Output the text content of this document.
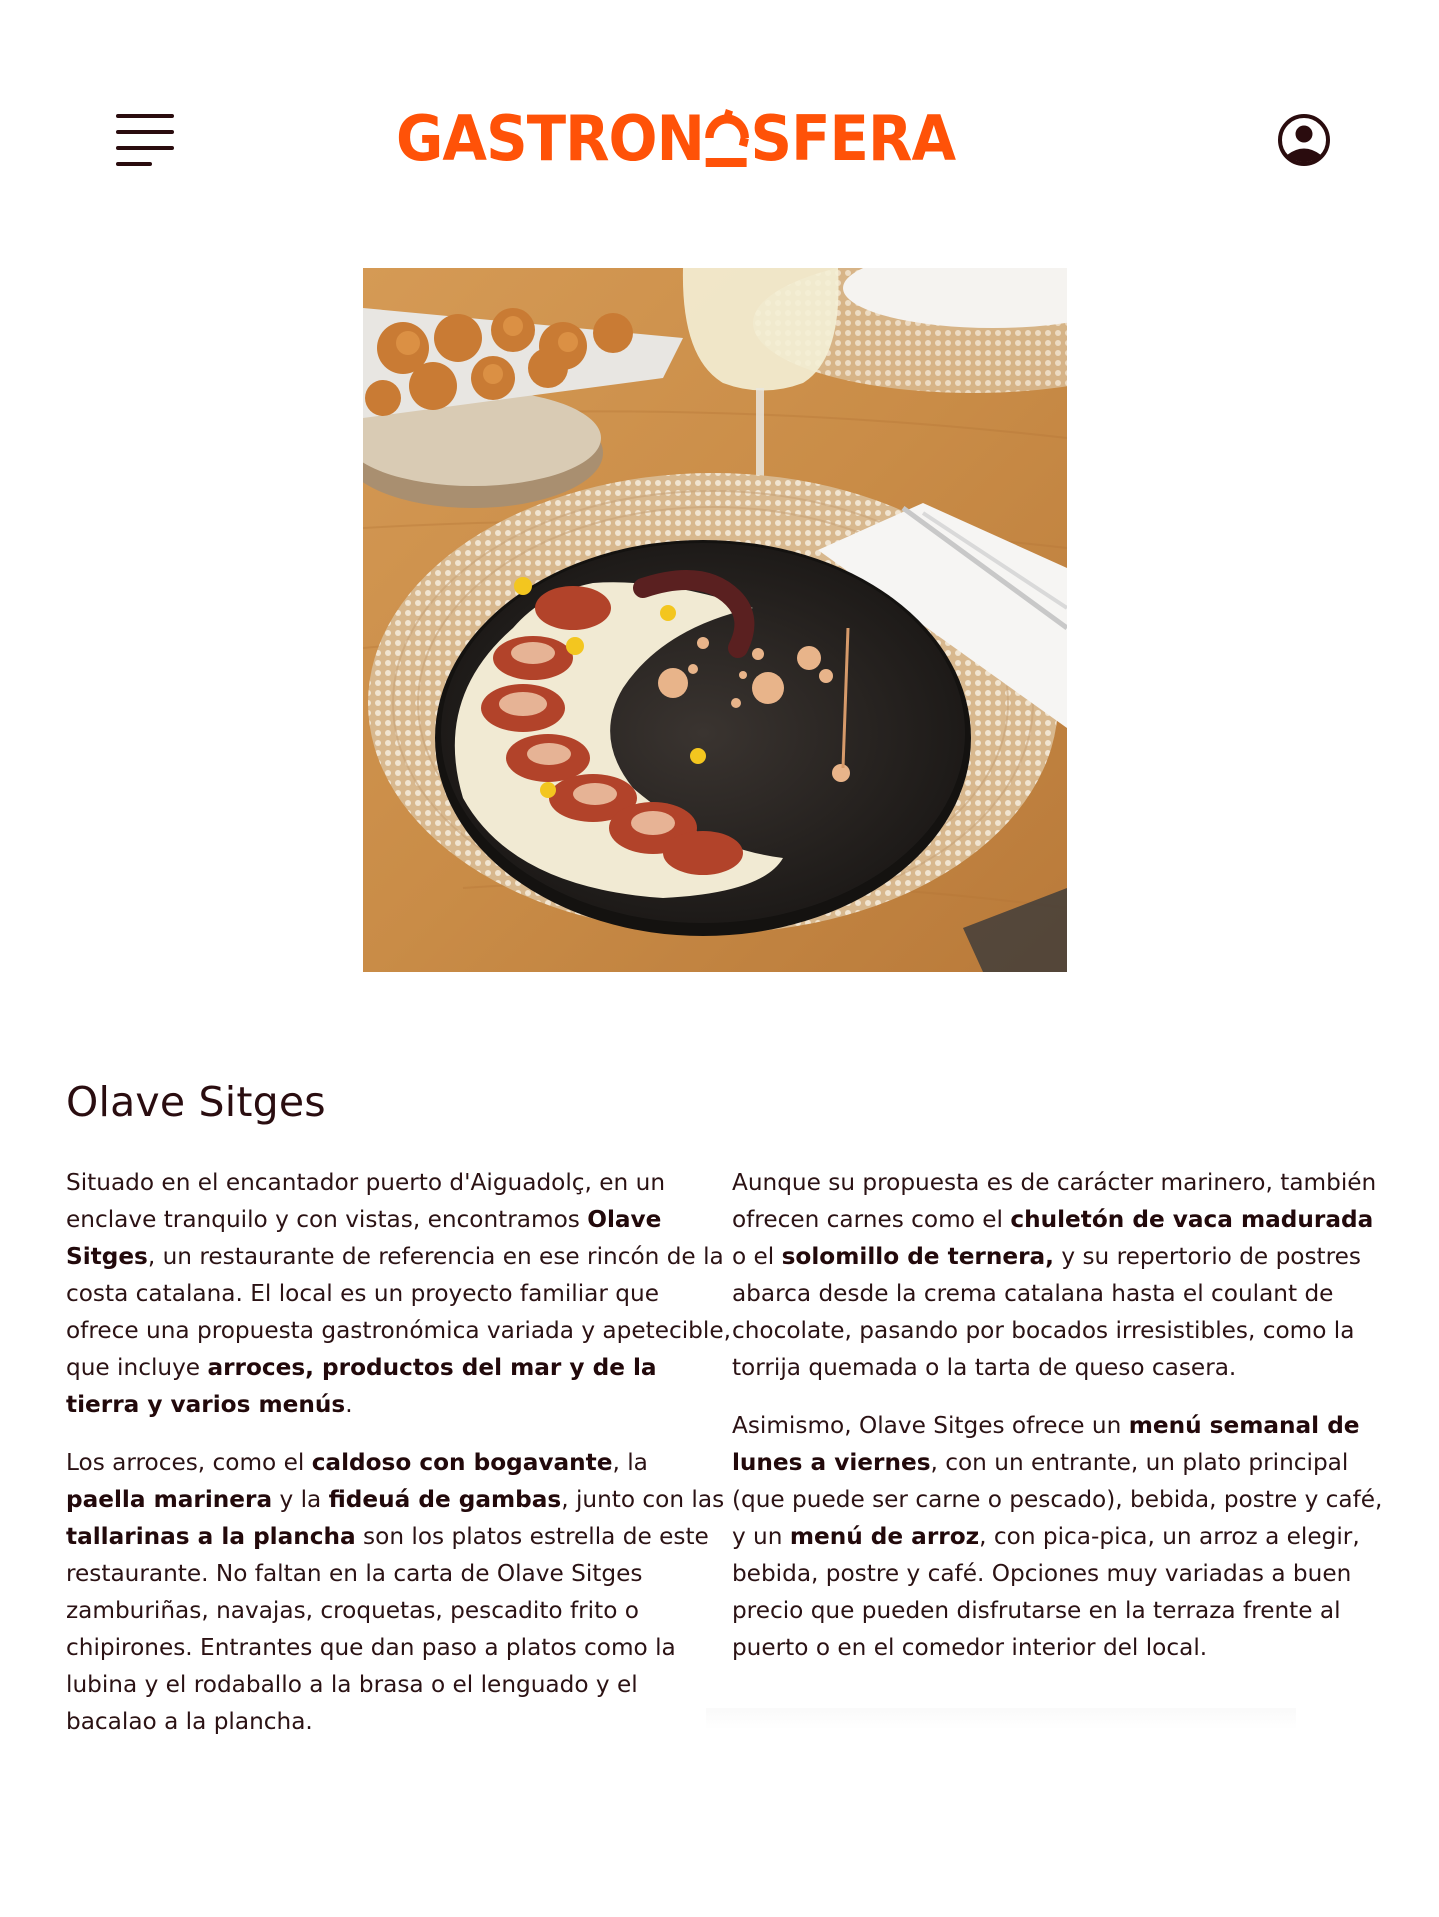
GASTRON SFERA
Olave Sitges

Situado en el encantador puerto d'Aiguadolç, en un enclave tranquilo y con vistas, encontramos Olave Sitges, un restaurante de referencia en ese rincón de la costa catalana. El local es un proyecto familiar que ofrece una propuesta gastronómica variada y apetecible, que incluye arroces, productos del mar y de la tierra y varios menús.

Los arroces, como el caldoso con bogavante, la paella marinera y la fideuá de gambas, junto con las tallarinas a la plancha son los platos estrella de este restaurante. No faltan en la carta de Olave Sitges zamburiñas, navajas, croquetas, pescadito frito o chipirones. Entrantes que dan paso a platos como la lubina y el rodaballo a la brasa o el lenguado y el bacalao a la plancha.

Aunque su propuesta es de carácter marinero, también ofrecen carnes como el chuletón de vaca madurada o el solomillo de ternera, y su repertorio de postres abarca desde la crema catalana hasta el coulant de chocolate, pasando por bocados irresistibles, como la torrija quemada o la tarta de queso casera.

Asimismo, Olave Sitges ofrece un menú semanal de lunes a viernes, con un entrante, un plato principal (que puede ser carne o pescado), bebida, postre y café, y un menú de arroz, con pica-pica, un arroz a elegir, bebida, postre y café. Opciones muy variadas a buen precio que pueden disfrutarse en la terraza frente al puerto o en el comedor interior del local.
